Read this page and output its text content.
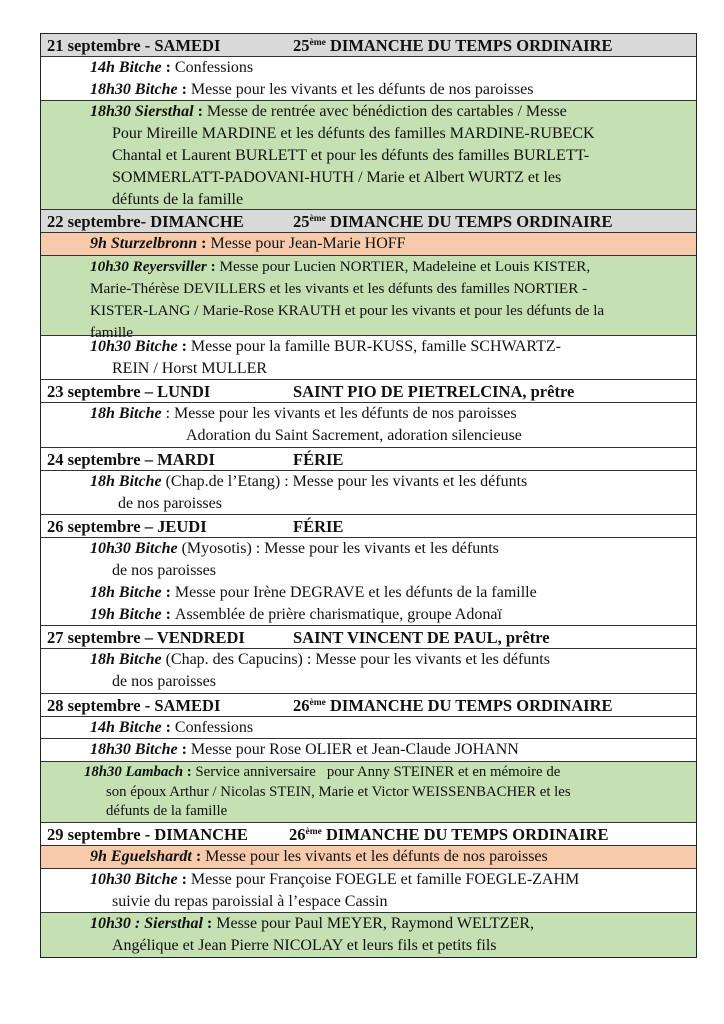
21 septembre - SAMEDI	25ème DIMANCHE DU TEMPS ORDINAIRE
14h Bitche : Confessions
18h30 Bitche : Messe pour les vivants et les défunts de nos paroisses
18h30 Siersthal : Messe de rentrée avec bénédiction des cartables / Messe
Pour Mireille MARDINE et les défunts des familles MARDINE-RUBECK
Chantal et Laurent BURLETT et pour les défunts des familles BURLETT-
SOMMERLATT-PADOVANI-HUTH / Marie et Albert WURTZ et les
défunts de la famille
22 septembre- DIMANCHE	25ème DIMANCHE DU TEMPS ORDINAIRE
9h Sturzelbronn : Messe pour Jean-Marie HOFF
10h30 Reyersviller : Messe pour Lucien NORTIER, Madeleine et Louis KISTER,
Marie-Thérèse DEVILLERS et les vivants et les défunts des familles NORTIER -
KISTER-LANG / Marie-Rose KRAUTH et pour les vivants et pour les défunts de la
famille
10h30 Bitche : Messe pour la famille BUR-KUSS, famille SCHWARTZ-
REIN / Horst MULLER
23 septembre – LUNDI	SAINT PIO DE PIETRELCINA, prêtre
18h Bitche : Messe pour les vivants et les défunts de nos paroisses
Adoration du Saint Sacrement, adoration silencieuse
24 septembre – MARDI	FÉRIE
18h Bitche (Chap.de l’Etang) : Messe pour les vivants et les défunts
de nos paroisses
26 septembre – JEUDI	FÉRIE
10h30 Bitche (Myosotis) : Messe pour les vivants et les défunts
de nos paroisses
18h Bitche : Messe pour Irène DEGRAVE et les défunts de la famille
19h Bitche : Assemblée de prière charismatique, groupe Adonaï
27 septembre – VENDREDI	SAINT VINCENT DE PAUL, prêtre
18h Bitche (Chap. des Capucins) : Messe pour les vivants et les défunts
de nos paroisses
28 septembre - SAMEDI	26ème DIMANCHE DU TEMPS ORDINAIRE
14h Bitche : Confessions
18h30 Bitche : Messe pour Rose OLIER et Jean-Claude JOHANN
18h30 Lambach : Service anniversaire   pour Anny STEINER et en mémoire de
son époux Arthur / Nicolas STEIN, Marie et Victor WEISSENBACHER et les
défunts de la famille
29 septembre - DIMANCHE 26ème DIMANCHE DU TEMPS ORDINAIRE
9h Eguelshardt : Messe pour les vivants et les défunts de nos paroisses
10h30 Bitche : Messe pour Françoise FOEGLE et famille FOEGLE-ZAHM
suivie du repas paroissial à l’espace Cassin
10h30 : Siersthal : Messe pour Paul MEYER, Raymond WELTZER,
Angélique et Jean Pierre NICOLAY et leurs fils et petits fils
